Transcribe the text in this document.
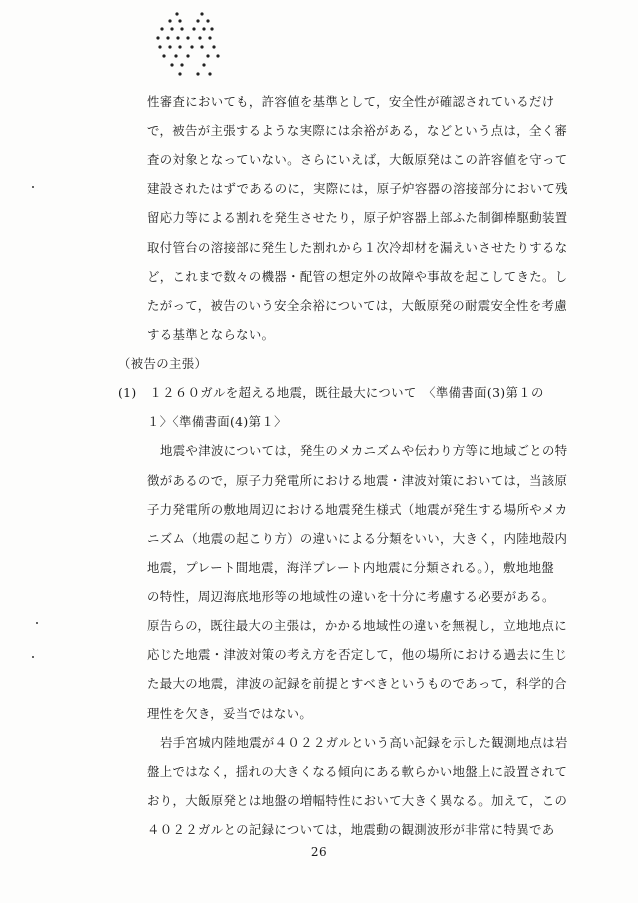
性審査においても，許容値を基準として，安全性が確認されているだけ
で，被告が主張するような実際には余裕がある，などという点は，全く審
査の対象となっていない。さらにいえば，大飯原発はこの許容値を守って
建設されたはずであるのに，実際には，原子炉容器の溶接部分において残
留応力等による割れを発生させたり，原子炉容器上部ふた制御棒駆動装置
取付管台の溶接部に発生した割れから１次冷却材を漏えいさせたりするな
ど，これまで数々の機器・配管の想定外の故障や事故を起こしてきた。し
たがって，被告のいう安全余裕については，大飯原発の耐震安全性を考慮
する基準とならない。
（被告の主張）
(1)　１２６０ガルを超える地震，既往最大について　〈準備書面(3)第１の
１〉〈準備書面(4)第１〉
地震や津波については，発生のメカニズムや伝わり方等に地域ごとの特
徴があるので，原子力発電所における地震・津波対策においては，当該原
子力発電所の敷地周辺における地震発生様式（地震が発生する場所やメカ
ニズム（地震の起こり方）の違いによる分類をいい，大きく，内陸地殻内
地震，プレート間地震，海洋プレート内地震に分類される。），敷地地盤
の特性，周辺海底地形等の地域性の違いを十分に考慮する必要がある。
原告らの，既往最大の主張は，かかる地域性の違いを無視し，立地地点に
応じた地震・津波対策の考え方を否定して，他の場所における過去に生じ
た最大の地震，津波の記録を前提とすべきというものであって，科学的合
理性を欠き，妥当ではない。
岩手宮城内陸地震が４０２２ガルという高い記録を示した観測地点は岩
盤上ではなく，揺れの大きくなる傾向にある軟らかい地盤上に設置されて
おり，大飯原発とは地盤の増幅特性において大きく異なる。加えて，この
４０２２ガルとの記録については，地震動の観測波形が非常に特異であ
26
